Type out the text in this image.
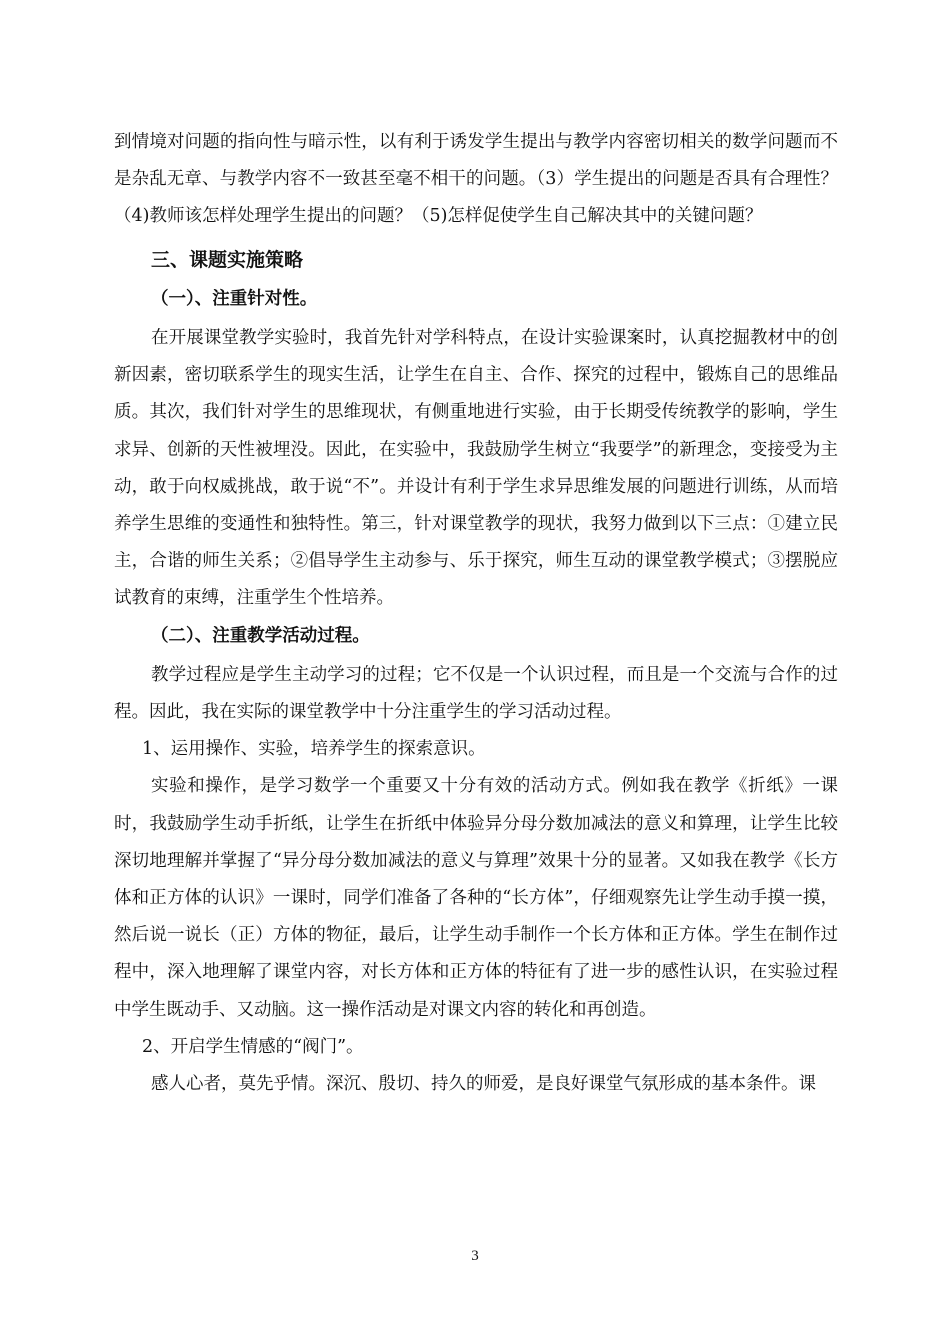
到情境对问题的指向性与暗示性，以有利于诱发学生提出与教学内容密切相关的数学问题而不是杂乱无章、与教学内容不一致甚至毫不相干的问题。（3）学生提出的问题是否具有合理性？（4)教师该怎样处理学生提出的问题？（5)怎样促使学生自己解决其中的关键问题？

三、课题实施策略

（一）、注重针对性。

在开展课堂教学实验时，我首先针对学科特点，在设计实验课案时，认真挖掘教材中的创新因素，密切联系学生的现实生活，让学生在自主、合作、探究的过程中，锻炼自己的思维品质。其次，我们针对学生的思维现状，有侧重地进行实验，由于长期受传统教学的影响，学生求异、创新的天性被埋没。因此，在实验中，我鼓励学生树立“我要学”的新理念，变接受为主动，敢于向权威挑战，敢于说“不”。并设计有利于学生求异思维发展的问题进行训练，从而培养学生思维的变通性和独特性。第三，针对课堂教学的现状，我努力做到以下三点：①建立民主，合谐的师生关系；②倡导学生主动参与、乐于探究，师生互动的课堂教学模式；③摆脱应试教育的束缚，注重学生个性培养。

（二）、注重教学活动过程。

教学过程应是学生主动学习的过程；它不仅是一个认识过程，而且是一个交流与合作的过程。因此，我在实际的课堂教学中十分注重学生的学习活动过程。

1、运用操作、实验，培养学生的探索意识。

实验和操作，是学习数学一个重要又十分有效的活动方式。例如我在教学《折纸》一课时，我鼓励学生动手折纸，让学生在折纸中体验异分母分数加减法的意义和算理，让学生比较深切地理解并掌握了“异分母分数加减法的意义与算理”效果十分的显著。又如我在教学《长方体和正方体的认识》一课时，同学们准备了各种的“长方体”，仔细观察先让学生动手摸一摸，然后说一说长（正）方体的物征，最后，让学生动手制作一个长方体和正方体。学生在制作过程中，深入地理解了课堂内容，对长方体和正方体的特征有了进一步的感性认识，在实验过程中学生既动手、又动脑。这一操作活动是对课文内容的转化和再创造。

2、开启学生情感的“阀门”。

感人心者，莫先乎情。深沉、殷切、持久的师爱，是良好课堂气氛形成的基本条件。课

3
